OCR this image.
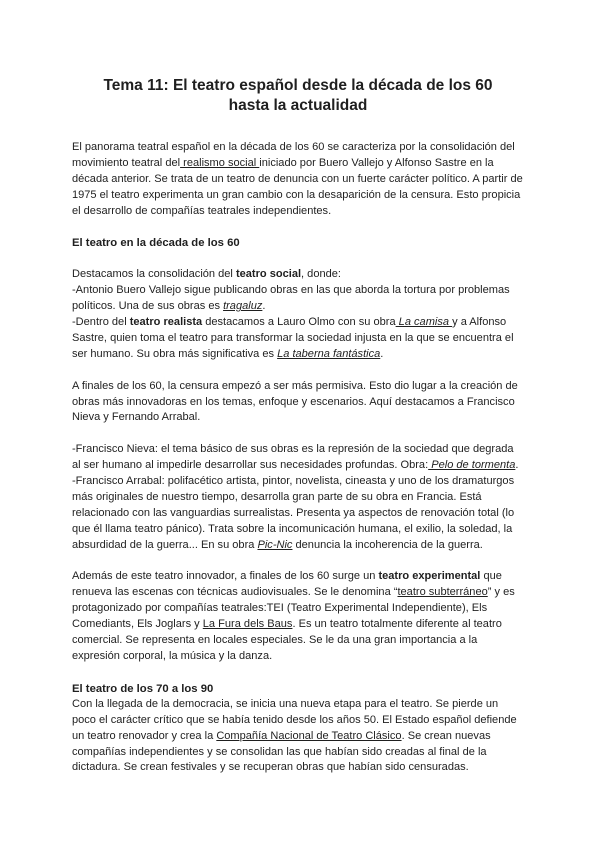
Tema 11: El teatro español desde la década de los 60 hasta la actualidad

El panorama teatral español en la década de los 60 se caracteriza por la consolidación del movimiento teatral del realismo social iniciado por Buero Vallejo y Alfonso Sastre en la década anterior. Se trata de un teatro de denuncia con un fuerte carácter político. A partir de 1975 el teatro experimenta un gran cambio con la desaparición de la censura. Esto propicia el desarrollo de compañías teatrales independientes.

El teatro en la década de los 60

Destacamos la consolidación del teatro social, donde:

-Antonio Buero Vallejo sigue publicando obras en las que aborda la tortura por problemas políticos. Una de sus obras es tragaluz.

-Dentro del teatro realista destacamos a Lauro Olmo con su obra La camisa y a Alfonso Sastre, quien toma el teatro para transformar la sociedad injusta en la que se encuentra el ser humano. Su obra más significativa es La taberna fantástica.

A finales de los 60, la censura empezó a ser más permisiva. Esto dio lugar a la creación de obras más innovadoras en los temas, enfoque y escenarios. Aquí destacamos a Francisco Nieva y Fernando Arrabal.

-Francisco Nieva: el tema básico de sus obras es la represión de la sociedad que degrada al ser humano al impedirle desarrollar sus necesidades profundas. Obra: Pelo de tormenta.

-Francisco Arrabal: polifacético artista, pintor, novelista, cineasta y uno de los dramaturgos más originales de nuestro tiempo, desarrolla gran parte de su obra en Francia. Está relacionado con las vanguardias surrealistas. Presenta ya aspectos de renovación total (lo que él llama teatro pánico). Trata sobre la incomunicación humana, el exilio, la soledad, la absurdidad de la guerra... En su obra Pic-Nic denuncia la incoherencia de la guerra.

Además de este teatro innovador, a finales de los 60 surge un teatro experimental que renueva las escenas con técnicas audiovisuales. Se le denomina “teatro subterráneo” y es protagonizado por compañías teatrales:TEI (Teatro Experimental Independiente), Els Comediants, Els Joglars y La Fura dels Baus. Es un teatro totalmente diferente al teatro comercial. Se representa en locales especiales. Se le da una gran importancia a la expresión corporal, la música y la danza.

El teatro de los 70 a los 90

Con la llegada de la democracia, se inicia una nueva etapa para el teatro. Se pierde un poco el carácter crítico que se había tenido desde los años 50. El Estado español defiende un teatro renovador y crea la Compañía Nacional de Teatro Clásico. Se crean nuevas compañías independientes y se consolidan las que habían sido creadas al final de la dictadura. Se crean festivales y se recuperan obras que habían sido censuradas.
